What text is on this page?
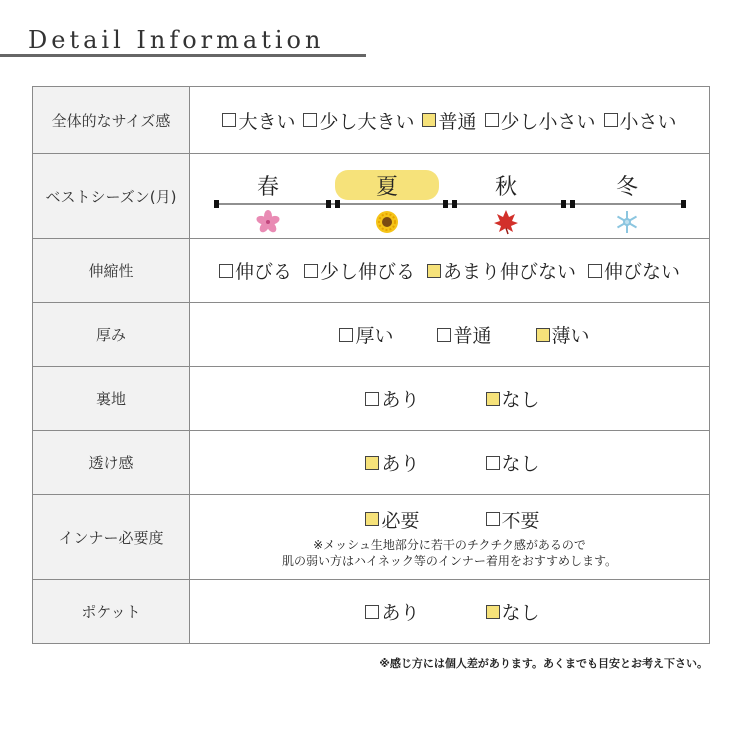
Detail Information
全体的なサイズ感	大きい 少し大きい 普通 少し小さい 小さい

ベストシーズン(月)	春 夏 秋 冬

伸縮性	伸びる 少し伸びる あまり伸びない 伸びない

厚み	厚い 普通 薄い

裏地	あり なし

透け感	あり なし

インナー必要度	必要 不要
※メッシュ生地部分に若干のチクチク感があるので
肌の弱い方はハイネック等のインナー着用をおすすめします。

ポケット	あり なし
※感じ方には個人差があります。あくまでも目安とお考え下さい。
